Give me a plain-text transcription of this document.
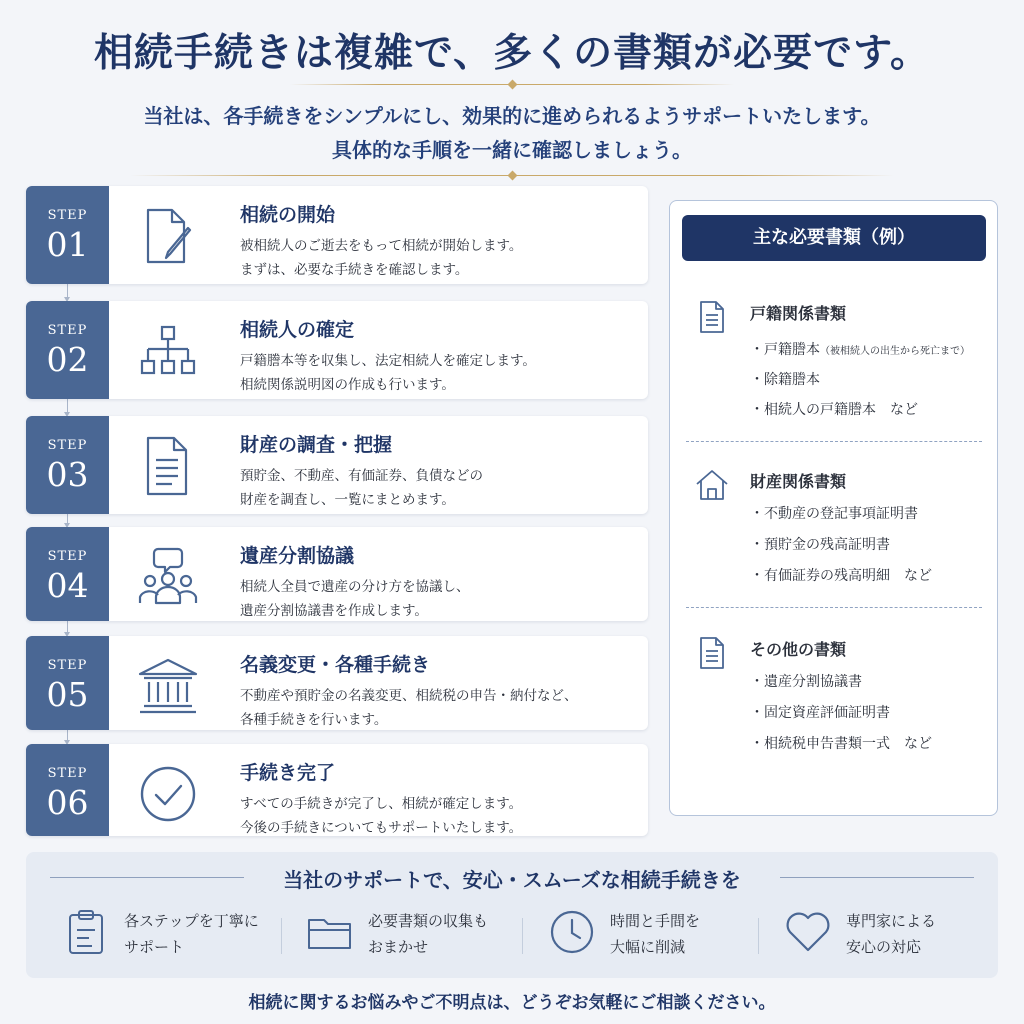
相続手続きは複雑で、多くの書類が必要です。
当社は、各手続きをシンプルにし、効果的に進められるようサポートいたします。
具体的な手順を一緒に確認しましょう。
STEP
01
相続の開始
被相続人のご逝去をもって相続が開始します。
まずは、必要な手続きを確認します。
STEP
02
相続人の確定
戸籍謄本等を収集し、法定相続人を確定します。
相続関係説明図の作成も行います。
STEP
03
財産の調査・把握
預貯金、不動産、有価証券、負債などの
財産を調査し、一覧にまとめます。
STEP
04
遺産分割協議
相続人全員で遺産の分け方を協議し、
遺産分割協議書を作成します。
STEP
05
名義変更・各種手続き
不動産や預貯金の名義変更、相続税の申告・納付など、
各種手続きを行います。
STEP
06
手続き完了
すべての手続きが完了し、相続が確定します。
今後の手続きについてもサポートいたします。
主な必要書類（例）
戸籍関係書類
・戸籍謄本（被相続人の出生から死亡まで）
・除籍謄本
・相続人の戸籍謄本　など
財産関係書類
・不動産の登記事項証明書
・預貯金の残高証明書
・有価証券の残高明細　など
その他の書類
・遺産分割協議書
・固定資産評価証明書
・相続税申告書類一式　など
当社のサポートで、安心・スムーズな相続手続きを
各ステップを丁寧に
サポート
必要書類の収集も
おまかせ
時間と手間を
大幅に削減
専門家による
安心の対応
相続に関するお悩みやご不明点は、どうぞお気軽にご相談ください。
